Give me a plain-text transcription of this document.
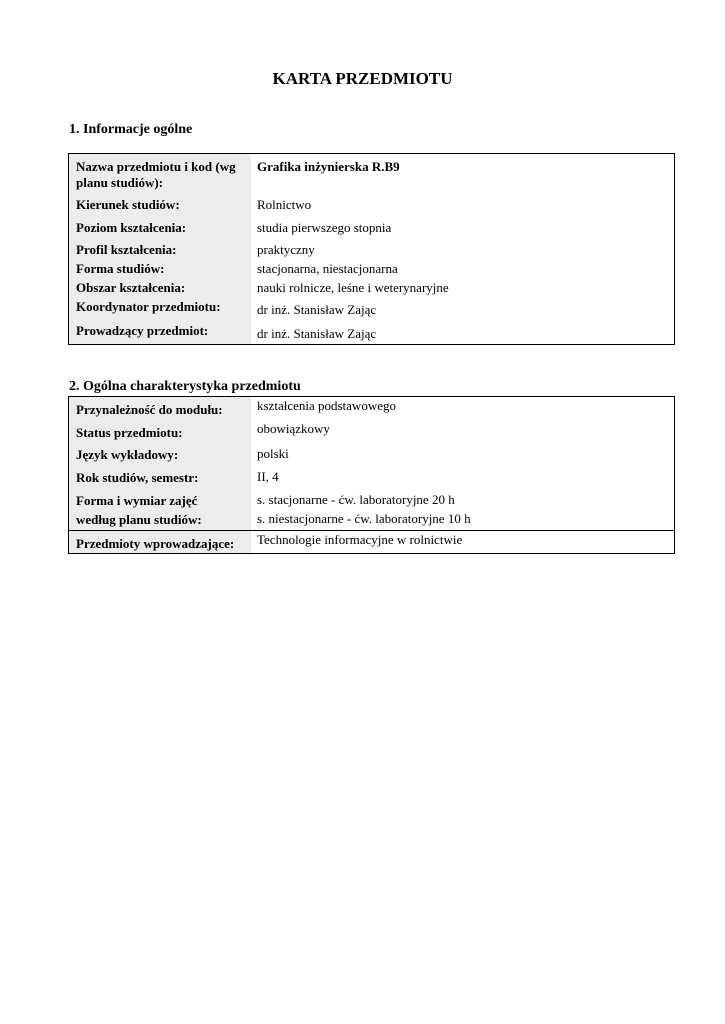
KARTA PRZEDMIOTU
1. Informacje ogólne
Nazwa przedmiotu i kod (wg
planu studiów):
Grafika inżynierska R.B9
Kierunek studiów:	Rolnictwo
Poziom kształcenia:	studia pierwszego stopnia
Profil kształcenia:	praktyczny
Forma studiów:	stacjonarna, niestacjonarna
Obszar kształcenia:	nauki rolnicze, leśne i weterynaryjne
Koordynator przedmiotu:	dr inż. Stanisław Zając
Prowadzący przedmiot:	dr inż. Stanisław Zając
2. Ogólna charakterystyka przedmiotu
Przynależność do modułu:	kształcenia podstawowego
Status przedmiotu:	obowiązkowy
Język wykładowy:	polski
Rok studiów, semestr:	II, 4
Forma i wymiar zajęć
według planu studiów:
s. stacjonarne - ćw. laboratoryjne 20 h
s. niestacjonarne - ćw. laboratoryjne 10 h
Przedmioty wprowadzające: Technologie informacyjne w rolnictwie
